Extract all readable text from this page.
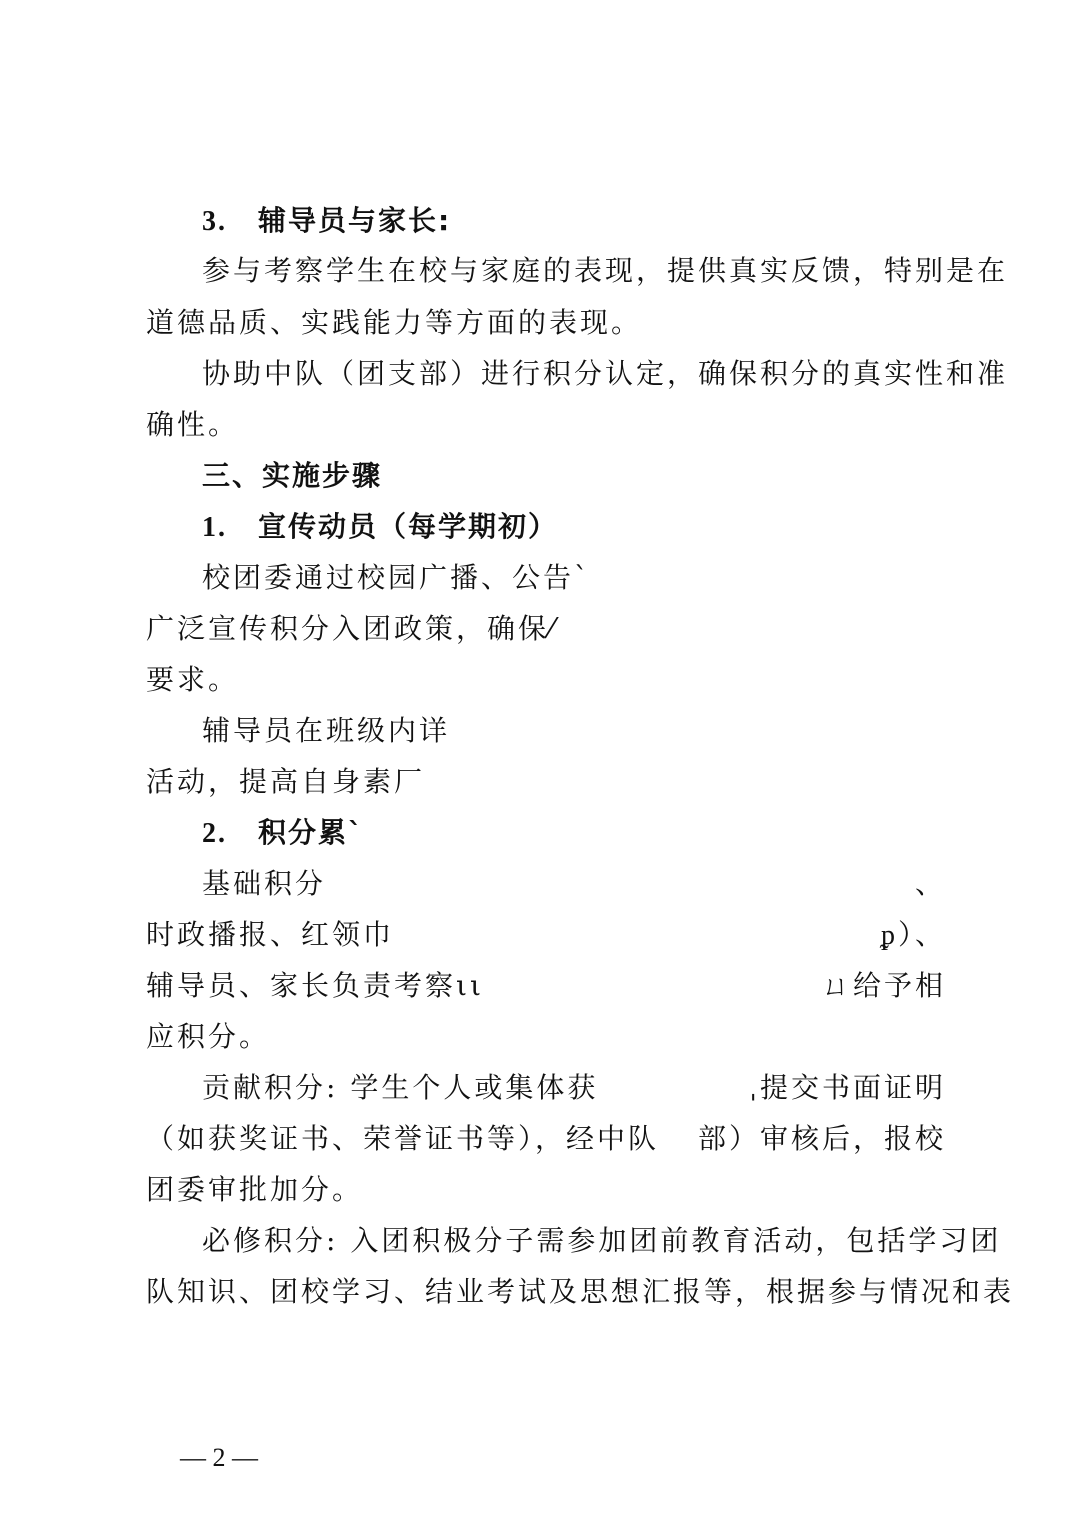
3. 辅导员与家长:
参与考察学生在校与家庭的表现，提供真实反馈，特别是在
道德品质、实践能力等方面的表现。
协助中队（团支部）进行积分认定，确保积分的真实性和准
确性。
三、实施步骤
1. 宣传动员（每学期初）
校团委通过校园广播、公告`
广泛宣传积分入团政策，确保⁄
要求。
辅导员在班级内详
活动，提高自身素厂
2. 积分累`
基础积分	、
时政播报、红领巾	ᵱ）、
辅导员、家长负责考察ιι	ㄩ给予相
应积分。
贡献积分: 学生个人或集体获	ˌ提交书面证明
（如获奖证书、荣誉证书等），经中队 部）审核后，报校
团委审批加分。
必修积分: 入团积极分子需参加团前教育活动，包括学习团
队知识、团校学习、结业考试及思想汇报等，根据参与情况和表
— 2 —
